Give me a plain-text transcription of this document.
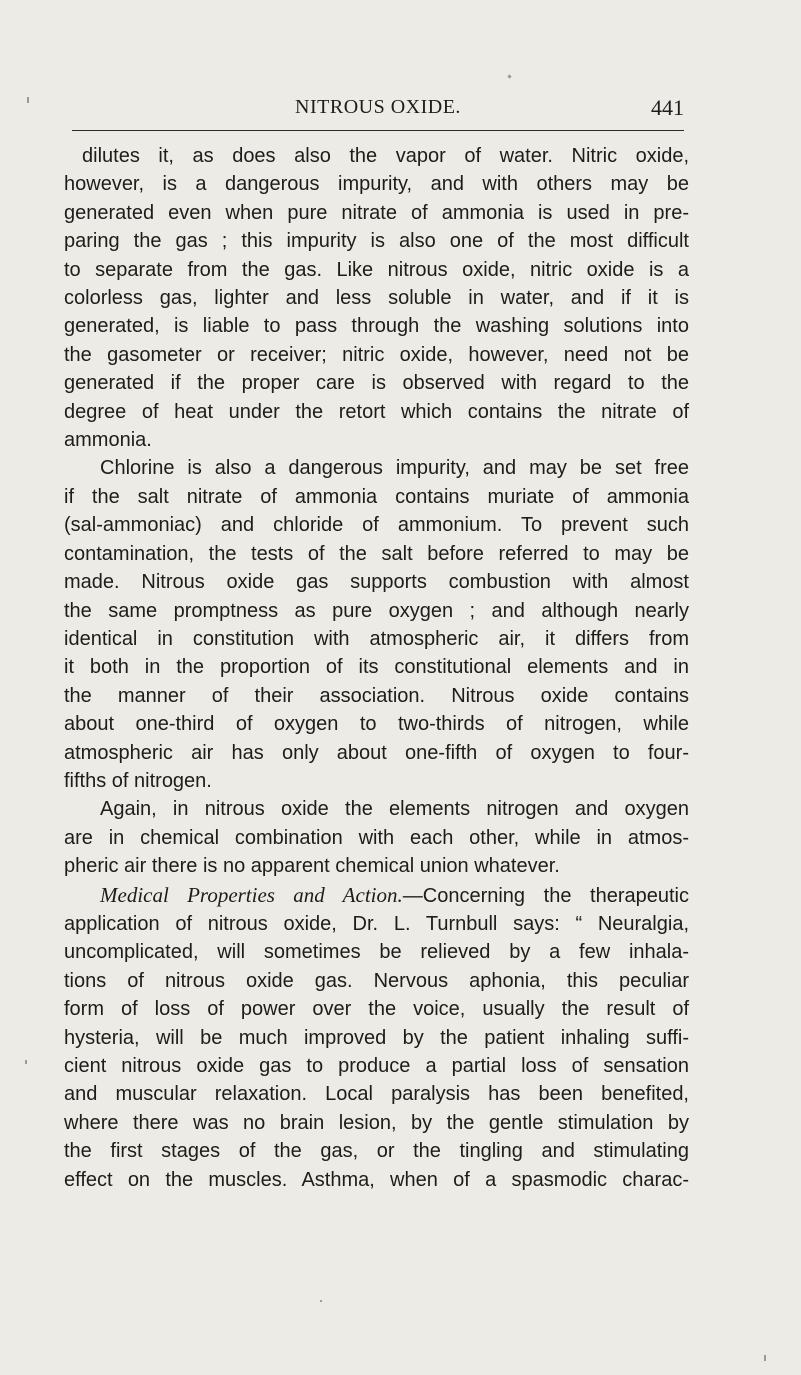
NITROUS OXIDE.	441

dilutes it, as does also the vapor of water. Nitric oxide,
however, is a dangerous impurity, and with others may be
generated even when pure nitrate of ammonia is used in pre-
paring the gas ; this impurity is also one of the most difficult
to separate from the gas. Like nitrous oxide, nitric oxide is a
colorless gas, lighter and less soluble in water, and if it is
generated, is liable to pass through the washing solutions into
the gasometer or receiver; nitric oxide, however, need not be
generated if the proper care is observed with regard to the
degree of heat under the retort which contains the nitrate of
ammonia.

Chlorine is also a dangerous impurity, and may be set free
if the salt nitrate of ammonia contains muriate of ammonia
(sal-ammoniac) and chloride of ammonium. To prevent such
contamination, the tests of the salt before referred to may be
made. Nitrous oxide gas supports combustion with almost
the same promptness as pure oxygen ; and although nearly
identical in constitution with atmospheric air, it differs from
it both in the proportion of its constitutional elements and in
the manner of their association. Nitrous oxide contains
about one-third of oxygen to two-thirds of nitrogen, while
atmospheric air has only about one-fifth of oxygen to four-
fifths of nitrogen.

Again, in nitrous oxide the elements nitrogen and oxygen
are in chemical combination with each other, while in atmos-
pheric air there is no apparent chemical union whatever.

Medical Properties and Action.—Concerning the therapeutic
application of nitrous oxide, Dr. L. Turnbull says: “ Neuralgia,
uncomplicated, will sometimes be relieved by a few inhala-
tions of nitrous oxide gas. Nervous aphonia, this peculiar
form of loss of power over the voice, usually the result of
hysteria, will be much improved by the patient inhaling suffi-
cient nitrous oxide gas to produce a partial loss of sensation
and muscular relaxation. Local paralysis has been benefited,
where there was no brain lesion, by the gentle stimulation by
the first stages of the gas, or the tingling and stimulating
effect on the muscles. Asthma, when of a spasmodic charac-
